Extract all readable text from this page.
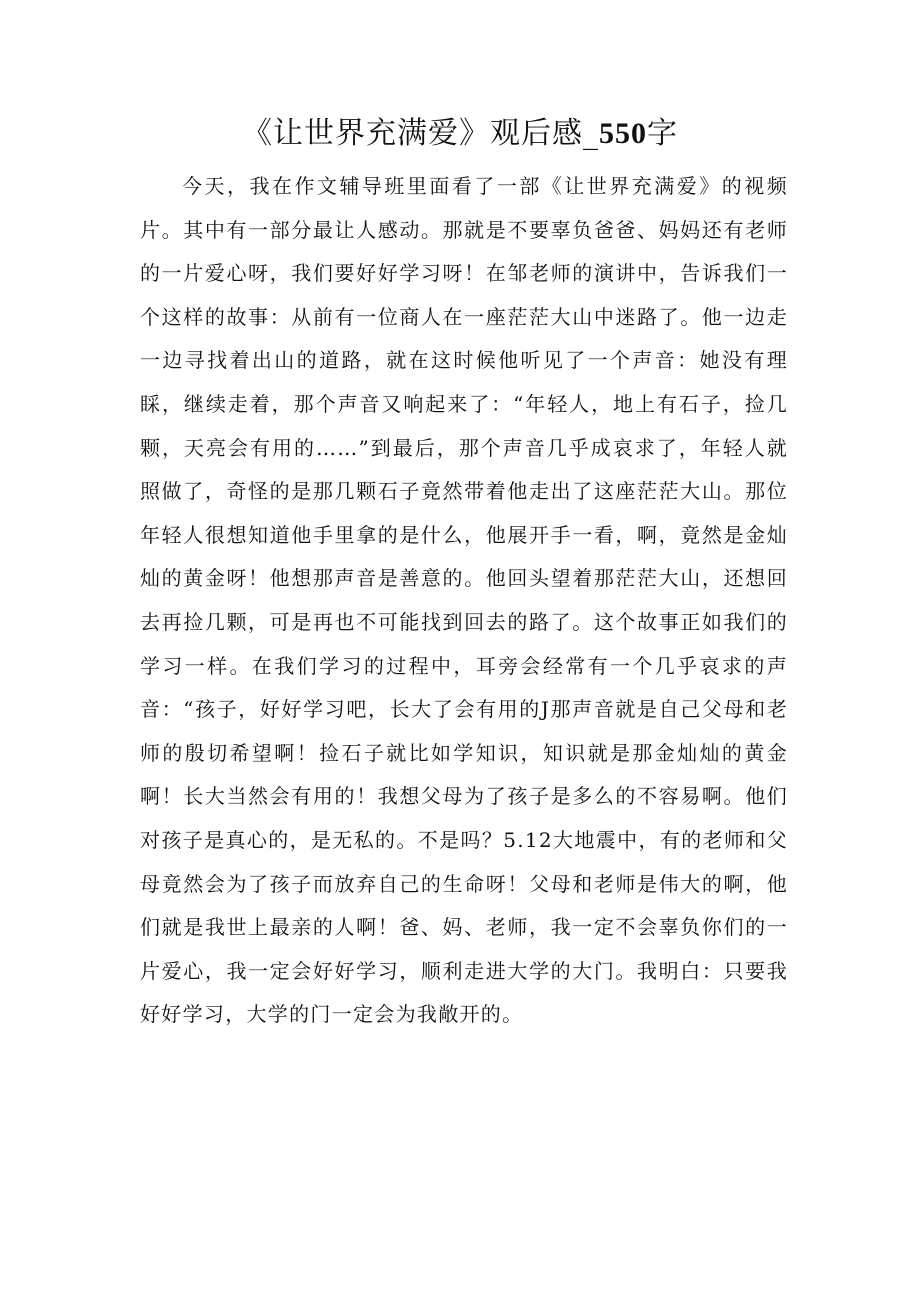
《让世界充满爱》观后感_550字

今天，我在作文辅导班里面看了一部《让世界充满爱》的视频片。其中有一部分最让人感动。那就是不要辜负爸爸、妈妈还有老师的一片爱心呀，我们要好好学习呀！在邹老师的演讲中，告诉我们一个这样的故事：从前有一位商人在一座茫茫大山中迷路了。他一边走一边寻找着出山的道路，就在这时候他听见了一个声音：她没有理睬，继续走着，那个声音又响起来了：“年轻人，地上有石子，捡几颗，天亮会有用的……”到最后，那个声音几乎成哀求了，年轻人就照做了，奇怪的是那几颗石子竟然带着他走出了这座茫茫大山。那位年轻人很想知道他手里拿的是什么，他展开手一看，啊，竟然是金灿灿的黄金呀！他想那声音是善意的。他回头望着那茫茫大山，还想回去再捡几颗，可是再也不可能找到回去的路了。这个故事正如我们的学习一样。在我们学习的过程中，耳旁会经常有一个几乎哀求的声音：“孩子，好好学习吧，长大了会有用的J那声音就是自己父母和老师的殷切希望啊！捡石子就比如学知识，知识就是那金灿灿的黄金啊！长大当然会有用的！我想父母为了孩子是多么的不容易啊。他们对孩子是真心的，是无私的。不是吗？5.12大地震中，有的老师和父母竟然会为了孩子而放弃自己的生命呀！父母和老师是伟大的啊，他们就是我世上最亲的人啊！爸、妈、老师，我一定不会辜负你们的一片爱心，我一定会好好学习，顺利走进大学的大门。我明白：只要我好好学习，大学的门一定会为我敞开的。
